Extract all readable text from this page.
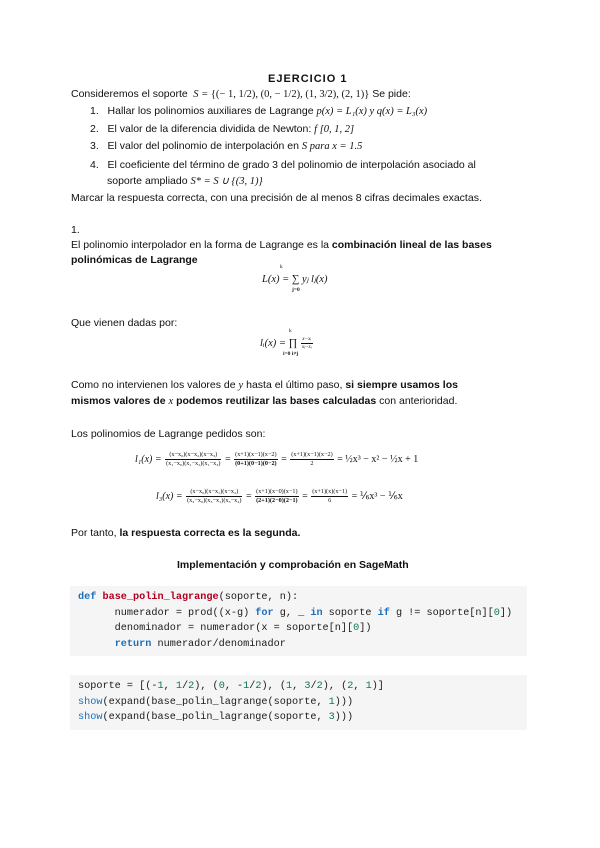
EJERCICIO 1
Consideremos el soporte  S = {(− 1, 1/2), (0, − 1/2), (1, 3/2), (2, 1)} Se pide:
1. Hallar los polinomios auxiliares de Lagrange p(x) = L₁(x) y q(x) = L₃(x)
2. El valor de la diferencia dividida de Newton: f [0, 1, 2]
3. El valor del polinomio de interpolación en S para x = 1.5
4. El coeficiente del término de grado 3 del polinomio de interpolación asociado al
soporte ampliado S* = S ∪ {(3, 1)}
Marcar la respuesta correcta, con una precisión de al menos 8 cifras decimales exactas.
1.
El polinomio interpolador en la forma de Lagrange es la combinación lineal de las bases
polinómicas de Lagrange
k
L(x) = ∑ yⱼ lⱼ(x)
j=0
Que vienen dadas por:
k
lᵢ(x) = ∏ $\frac{\text{x−xᵢ}}{\text{xⱼ−xᵢ}}$
i=0 i≠j
Como no intervienen los valores de y hasta el último paso, si siempre usamos los
mismos valores de x podemos reutilizar las bases calculadas con anterioridad.
Los polinomios de Lagrange pedidos son:
$l_1(x) = \frac{\text{(x−x₀)(x−x₂)(x−x₃)}}{\text{(x₁−x₀)(x₁−x₂)(x₁−x₃)}} = \frac{(x+1)(x-1)(x-2)}{(0+1)(0-1)(0-2)} = \frac{(x+1)(x-1)(x-2)}{2}$ = ½x³ − x² − ½x + 1
$l_3(x) = \frac{\text{(x−x₀)(x−x₁)(x−x₂)}}{\text{(x₃−x₀)(x₃−x₁)(x₃−x₂)}} = \frac{(x+1)(x-0)(x-1)}{(2+1)(2-0)(2-1)} = \frac{(x+1)(x)(x-1)}{6}$ = ⅙x³ − ⅙x
Por tanto, la respuesta correcta es la segunda.
Implementación y comprobación en SageMath
def base_polin_lagrange(soporte, n):
numerador = prod((x-g) for g, _ in soporte if g != soporte[n][0])
denominador = numerador(x = soporte[n][0])
return numerador/denominador
soporte = [(-1, 1/2), (0, -1/2), (1, 3/2), (2, 1)]
show(expand(base_polin_lagrange(soporte, 1)))
show(expand(base_polin_lagrange(soporte, 3)))
